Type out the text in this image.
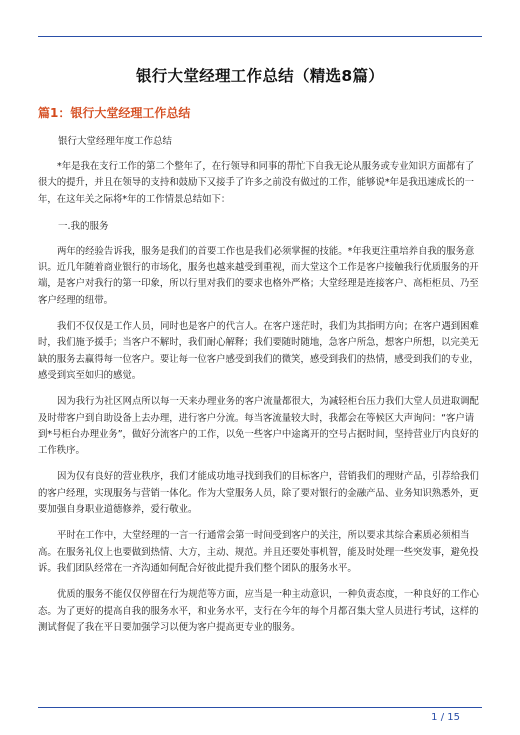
银行大堂经理工作总结（精选8篇）
篇1：银行大堂经理工作总结
银行大堂经理年度工作总结

*年是我在支行工作的第二个整年了，在行领导和同事的帮忙下自我无论从服务或专业知识方面都有了很大的提升，并且在领导的支持和鼓励下又接手了许多之前没有做过的工作，能够说*年是我迅速成长的一年，在这年关之际将*年的工作情景总结如下：

一.我的服务

两年的经验告诉我，服务是我们的首要工作也是我们必须掌握的技能。*年我更注重培养自我的服务意识。近几年随着商业银行的市场化，服务也越来越受到重视，而大堂这个工作是客户接触我行优质服务的开端，是客户对我行的第一印象，所以行里对我们的要求也格外严格；大堂经理是连接客户、高柜柜员、乃至客户经理的纽带。

我们不仅仅是工作人员，同时也是客户的代言人。在客户迷茫时，我们为其指明方向；在客户遇到困难时，我们施予援手；当客户不解时，我们耐心解释；我们要随时随地，急客户所急，想客户所想，以完美无缺的服务去赢得每一位客户。要让每一位客户感受到我们的微笑，感受到我们的热情，感受到我们的专业，感受到宾至如归的感觉。

因为我行为社区网点所以每一天来办理业务的客户流量都很大，为减轻柜台压力我们大堂人员进取调配及时带客户到自助设备上去办理，进行客户分流。每当客流量较大时，我都会在等候区大声询问：“客户请到*号柜台办理业务”，做好分流客户的工作，以免一些客户中途离开的空号占据时间，坚持营业厅内良好的工作秩序。

因为仅有良好的营业秩序，我们才能成功地寻找到我们的目标客户，营销我们的理财产品，引荐给我们的客户经理，实现服务与营销一体化。作为大堂服务人员，除了要对银行的金融产品、业务知识熟悉外，更要加强自身职业道德修养，爱行敬业。

平时在工作中，大堂经理的一言一行通常会第一时间受到客户的关注，所以要求其综合素质必须相当高。在服务礼仪上也要做到热情、大方，主动、规范。并且还要处事机智，能及时处理一些突发事，避免投诉。我们团队经常在一齐沟通如何配合好彼此提升我们整个团队的服务水平。

优质的服务不能仅仅停留在行为规范等方面，应当是一种主动意识，一种负责态度，一种良好的工作心态。为了更好的提高自我的服务水平，和业务水平，支行在今年的每个月都召集大堂人员进行考试，这样的测试督促了我在平日要加强学习以便为客户提高更专业的服务。

1 / 15
